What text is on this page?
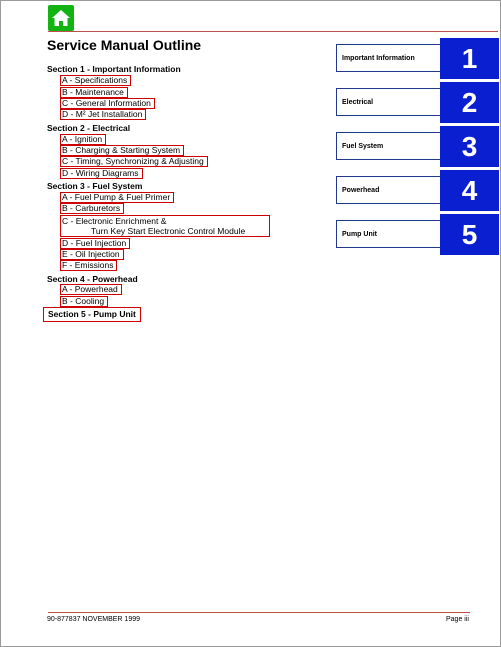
Service Manual Outline
Section 1 - Important Information
A - Specifications
B - Maintenance
C - General Information
D - M² Jet Installation
Section 2 - Electrical
A - Ignition
B - Charging & Starting System
C - Timing, Synchronizing & Adjusting
D - Wiring Diagrams
Section 3 - Fuel System
A - Fuel Pump & Fuel Primer
B - Carburetors
C - Electronic Enrichment &
Turn Key Start Electronic Control Module
D - Fuel Injection
E - Oil Injection
F - Emissions
Section 4 - Powerhead
A - Powerhead
B - Cooling
Section 5 - Pump Unit
Important Information	1
Electrical	2
Fuel System	3
Powerhead	4
Pump Unit	5
90-877837 NOVEMBER 1999	Page iii
